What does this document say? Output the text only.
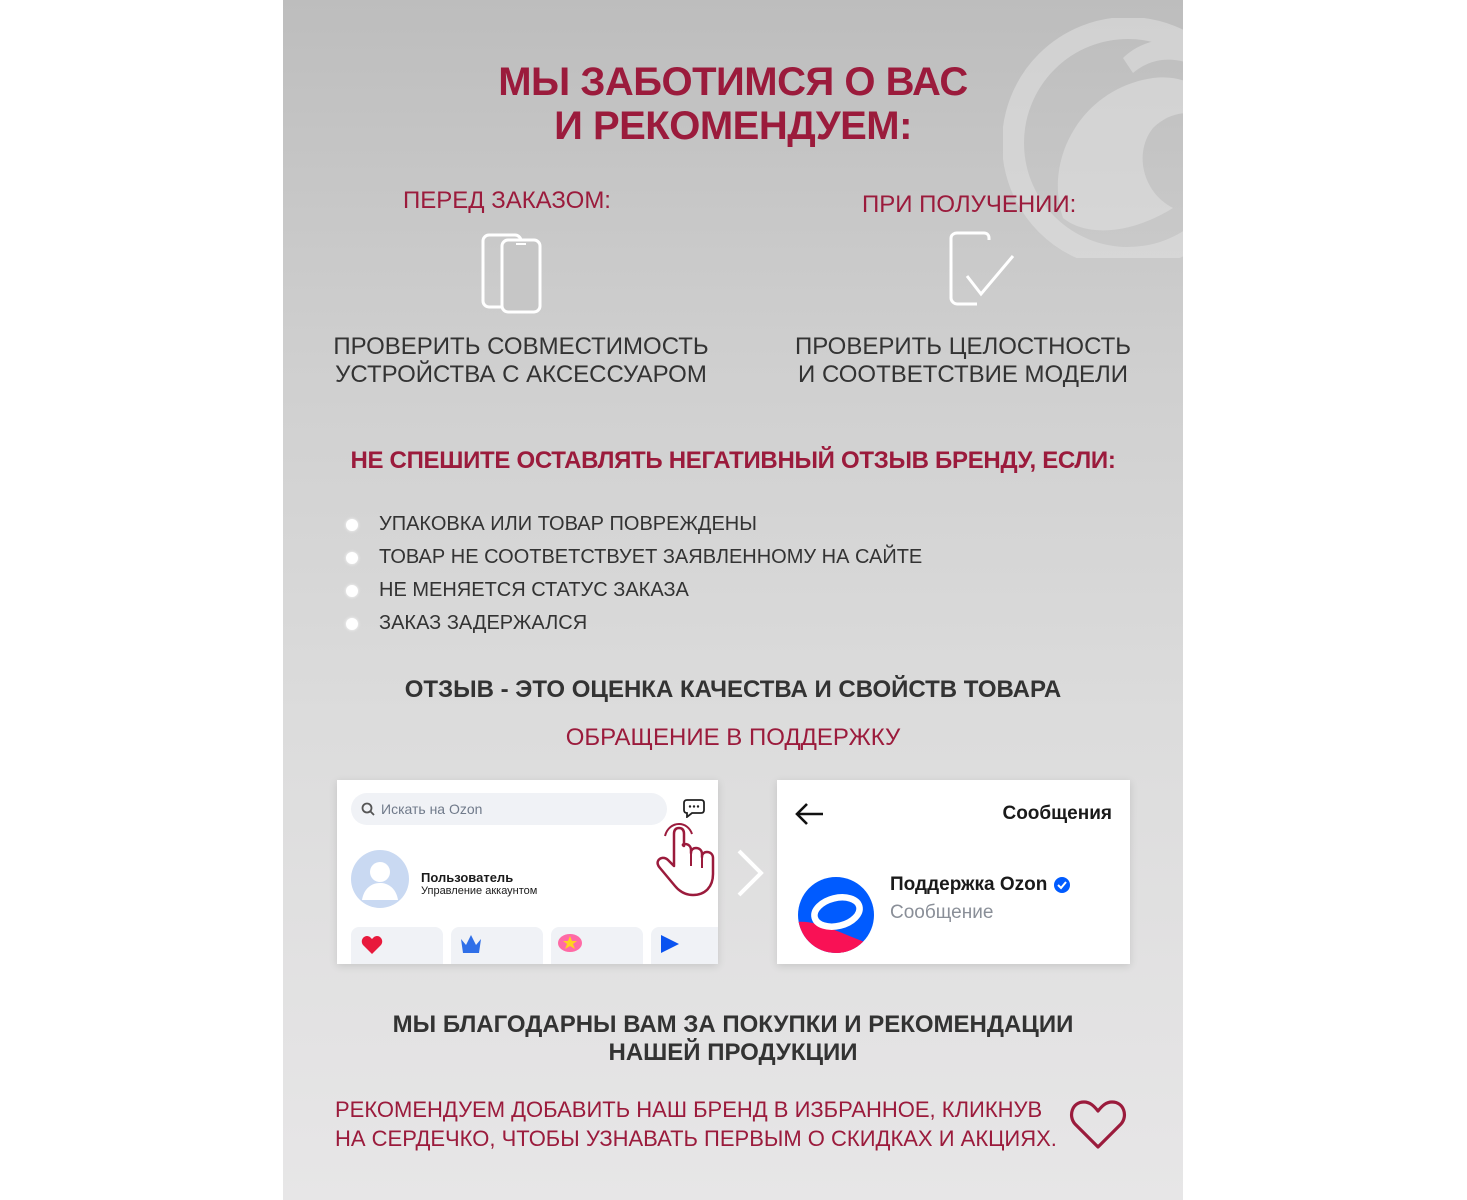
МЫ ЗАБОТИМСЯ О ВАС
И РЕКОМЕНДУЕМ:
ПЕРЕД ЗАКАЗОМ:	ПРИ ПОЛУЧЕНИИ:
ПРОВЕРИТЬ СОВМЕСТИМОСТЬ
УСТРОЙСТВА С АКСЕССУАРОМ
ПРОВЕРИТЬ ЦЕЛОСТНОСТЬ
И СООТВЕТСТВИЕ МОДЕЛИ
НЕ СПЕШИТЕ ОСТАВЛЯТЬ НЕГАТИВНЫЙ ОТЗЫВ БРЕНДУ, ЕСЛИ:
УПАКОВКА ИЛИ ТОВАР ПОВРЕЖДЕНЫ
ТОВАР НЕ СООТВЕТСТВУЕТ ЗАЯВЛЕННОМУ НА САЙТЕ
НЕ МЕНЯЕТСЯ СТАТУС ЗАКАЗА
ЗАКАЗ ЗАДЕРЖАЛСЯ
ОТЗЫВ - ЭТО ОЦЕНКА КАЧЕСТВА И СВОЙСТВ ТОВАРА
ОБРАЩЕНИЕ В ПОДДЕРЖКУ
Искать на Ozon
Пользователь
Управление аккаунтом
Сообщения
Поддержка Ozon
Сообщение
МЫ БЛАГОДАРНЫ ВАМ ЗА ПОКУПКИ И РЕКОМЕНДАЦИИ
НАШЕЙ ПРОДУКЦИИ
РЕКОМЕНДУЕМ ДОБАВИТЬ НАШ БРЕНД В ИЗБРАННОЕ, КЛИКНУВ
НА СЕРДЕЧКО, ЧТОБЫ УЗНАВАТЬ ПЕРВЫМ О СКИДКАХ И АКЦИЯХ.
